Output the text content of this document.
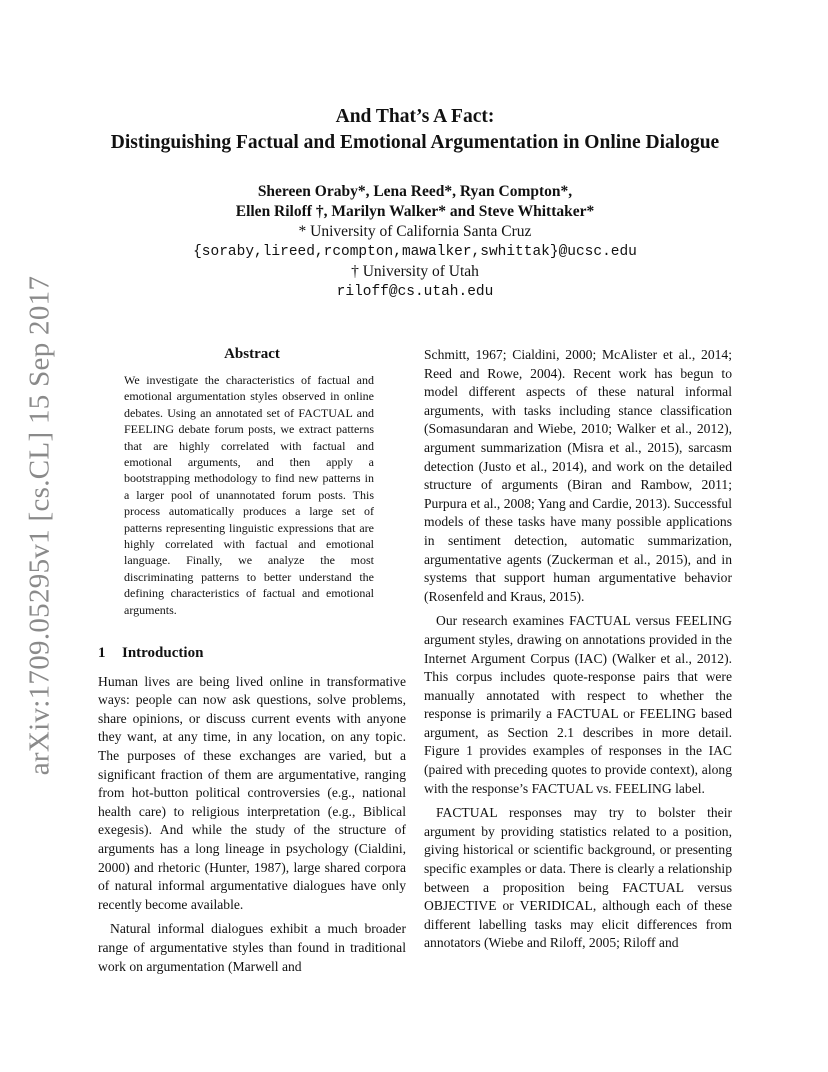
arXiv:1709.05295v1 [cs.CL] 15 Sep 2017
And That’s A Fact:
Distinguishing Factual and Emotional Argumentation in Online Dialogue
Shereen Oraby*, Lena Reed*, Ryan Compton*,
Ellen Riloff †, Marilyn Walker* and Steve Whittaker*
* University of California Santa Cruz
{soraby,lireed,rcompton,mawalker,swhittak}@ucsc.edu
† University of Utah
riloff@cs.utah.edu
Abstract

We investigate the characteristics of factual and emotional argumentation styles observed in online debates. Using an annotated set of FACTUAL and FEELING debate forum posts, we extract patterns that are highly correlated with factual and emotional arguments, and then apply a bootstrapping methodology to find new patterns in a larger pool of unannotated forum posts. This process automatically produces a large set of patterns representing linguistic expressions that are highly correlated with factual and emotional language. Finally, we analyze the most discriminating patterns to better understand the defining characteristics of factual and emotional arguments.

1 Introduction

Human lives are being lived online in transformative ways: people can now ask questions, solve problems, share opinions, or discuss current events with anyone they want, at any time, in any location, on any topic. The purposes of these exchanges are varied, but a significant fraction of them are argumentative, ranging from hot-button political controversies (e.g., national health care) to religious interpretation (e.g., Biblical exegesis). And while the study of the structure of arguments has a long lineage in psychology (Cialdini, 2000) and rhetoric (Hunter, 1987), large shared corpora of natural informal argumentative dialogues have only recently become available.

Natural informal dialogues exhibit a much broader range of argumentative styles than found in traditional work on argumentation (Marwell and

Schmitt, 1967; Cialdini, 2000; McAlister et al., 2014; Reed and Rowe, 2004). Recent work has begun to model different aspects of these natural informal arguments, with tasks including stance classification (Somasundaran and Wiebe, 2010; Walker et al., 2012), argument summarization (Misra et al., 2015), sarcasm detection (Justo et al., 2014), and work on the detailed structure of arguments (Biran and Rambow, 2011; Purpura et al., 2008; Yang and Cardie, 2013). Successful models of these tasks have many possible applications in sentiment detection, automatic summarization, argumentative agents (Zuckerman et al., 2015), and in systems that support human argumentative behavior (Rosenfeld and Kraus, 2015).

Our research examines FACTUAL versus FEELING argument styles, drawing on annotations provided in the Internet Argument Corpus (IAC) (Walker et al., 2012). This corpus includes quote-response pairs that were manually annotated with respect to whether the response is primarily a FACTUAL or FEELING based argument, as Section 2.1 describes in more detail. Figure 1 provides examples of responses in the IAC (paired with preceding quotes to provide context), along with the response’s FACTUAL vs. FEELING label.

FACTUAL responses may try to bolster their argument by providing statistics related to a position, giving historical or scientific background, or presenting specific examples or data. There is clearly a relationship between a proposition being FACTUAL versus OBJECTIVE or VERIDICAL, although each of these different labelling tasks may elicit differences from annotators (Wiebe and Riloff, 2005; Riloff and
